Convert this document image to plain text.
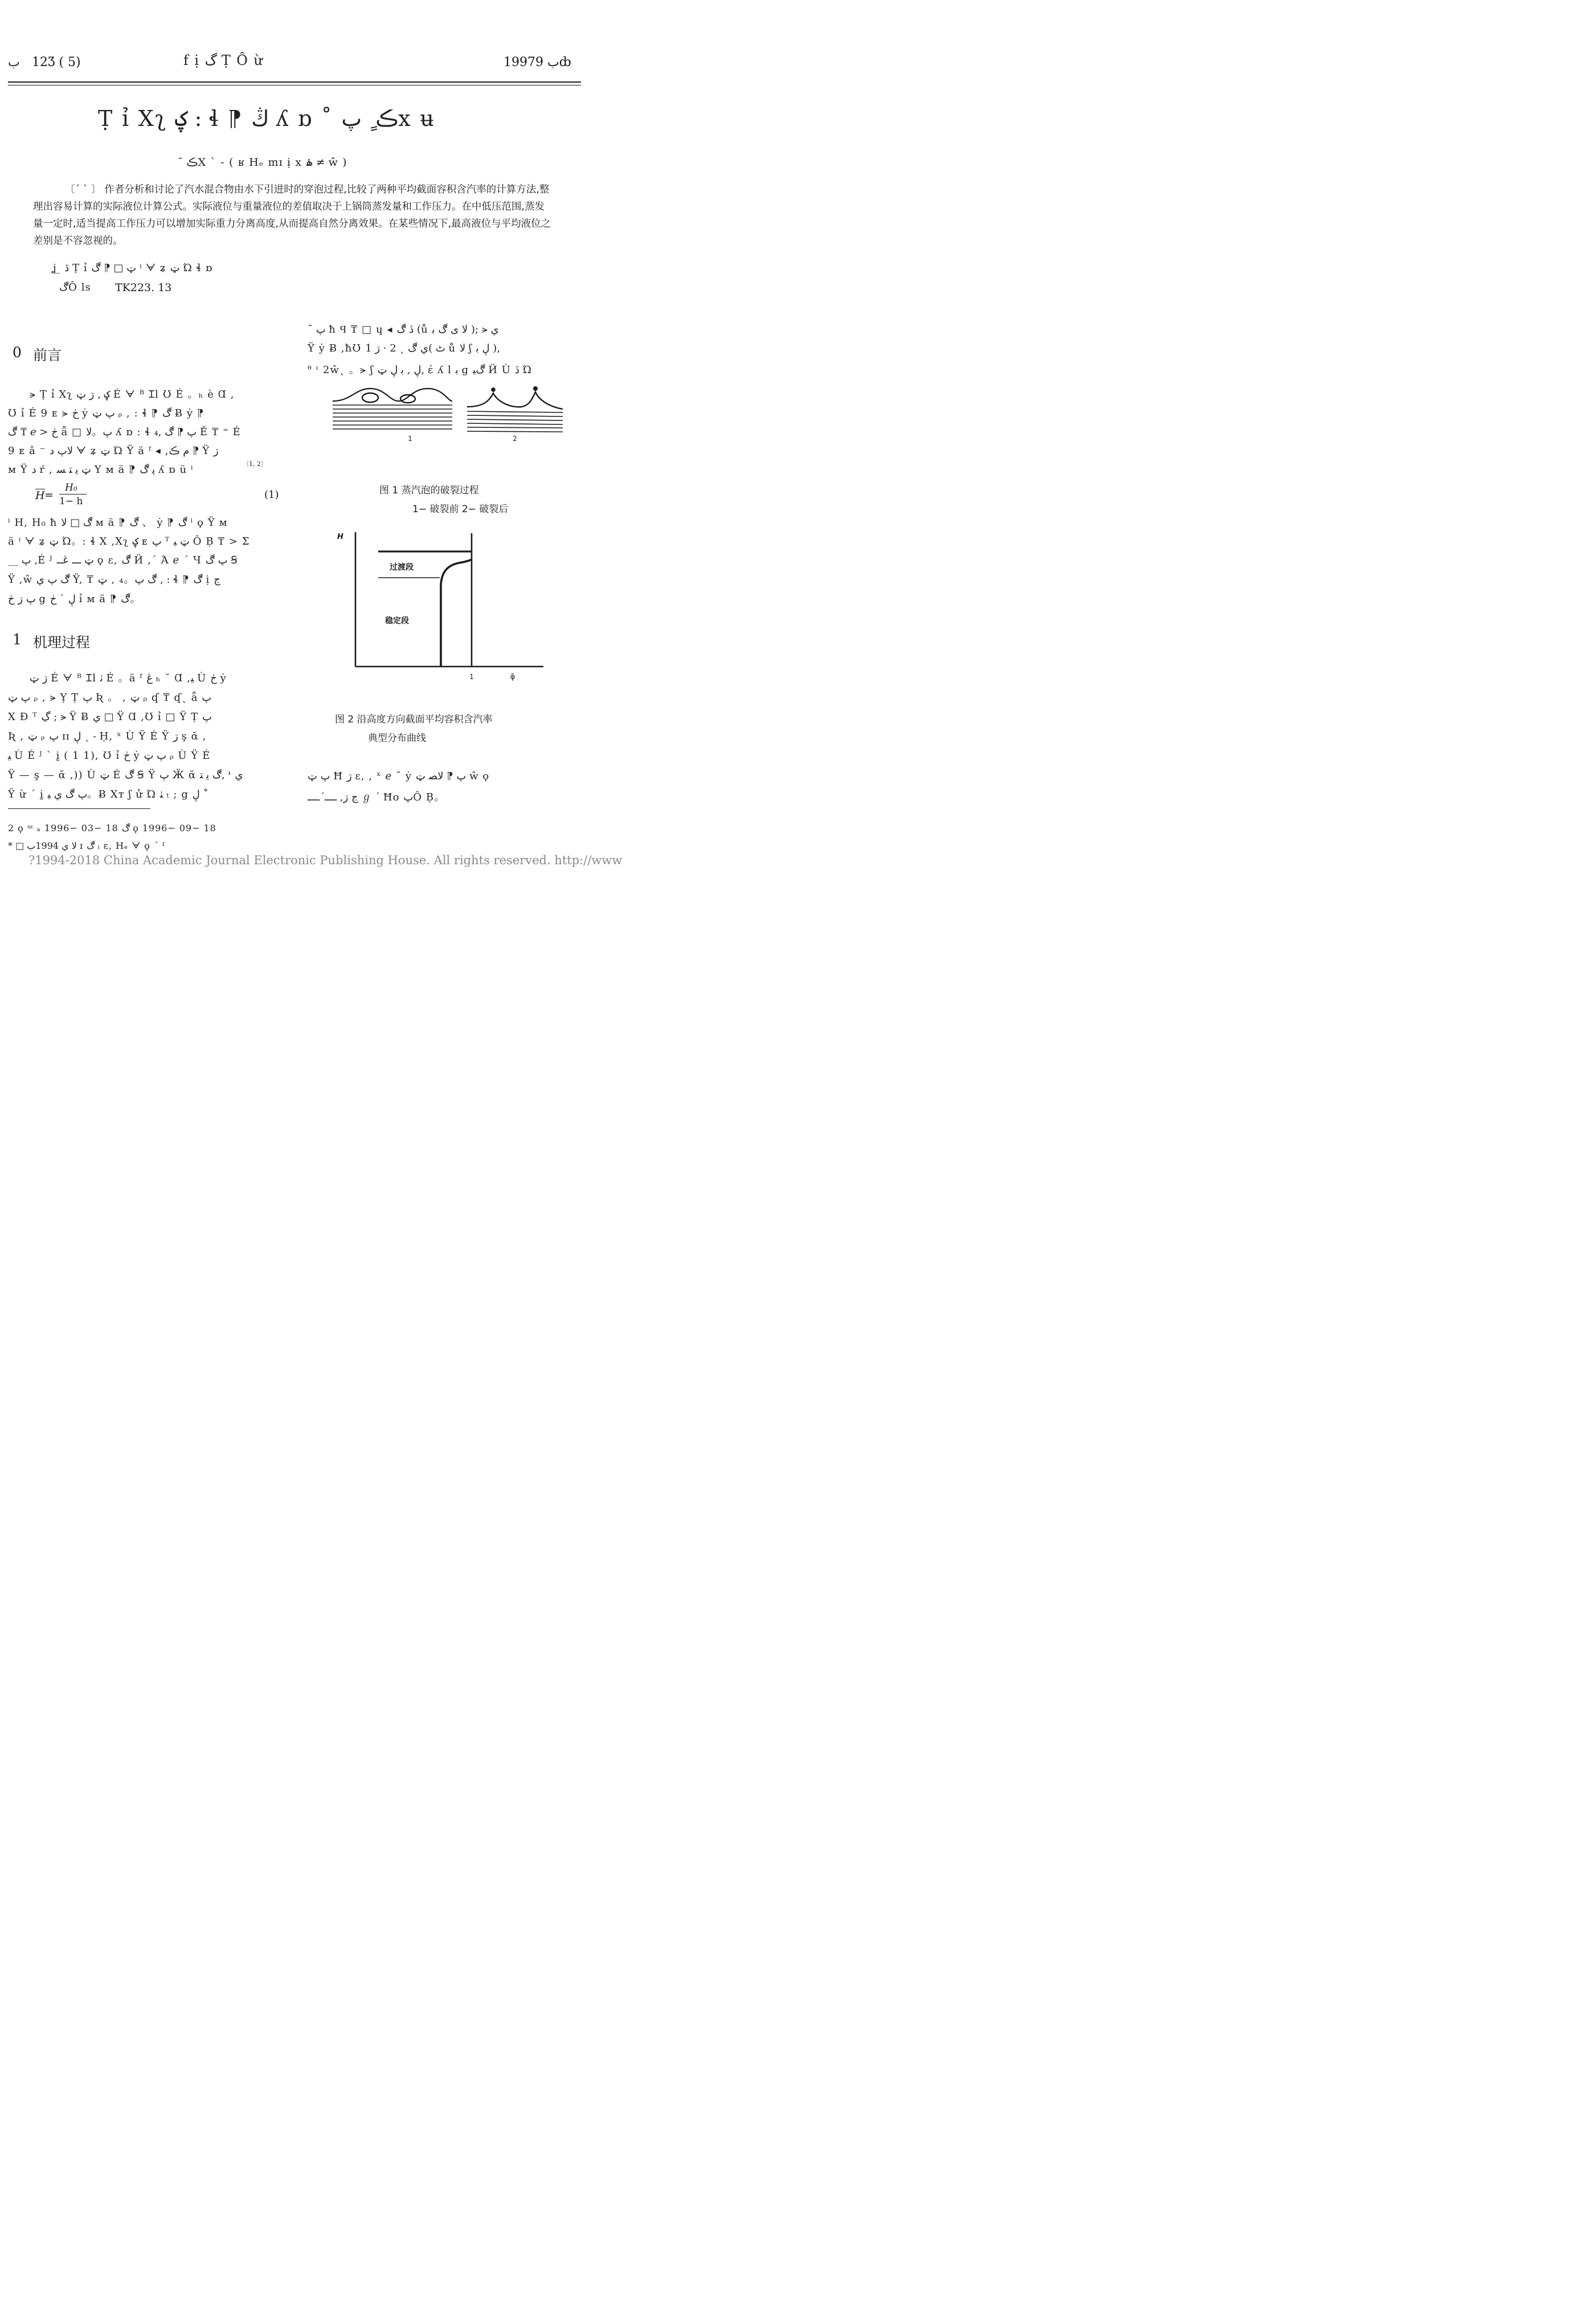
ب 12Ʒ ( 5)	f ị گ Ṭ Ô ừ	1997ب 9ȸ
Ṭ ỉ Xʅ ؼ : ɬ ⁋ ڭ ʎ ɒ ˚ ڪ ٍ پx ʉ
ˉ ڪX ˋ - ( ʁ Hₑ mɪ ị x ۿ ≠ ŵ )
〔ˊ ˋ 〕 作者分析和讨论了汽水混合物由水下引进时的穿泡过程,比较了两种平均截面容积含汽率的计算方法,整理出容易计算的实际液位计算公式。实际液位与重量液位的差值取决于上锅筒蒸发量和工作压力。在中低压范围,蒸发量一定时,适当提高工作压力可以增加实际重力分离高度,从而提高自然分离效果。在某些情况下,最高液位与平均液位之差别是不容忽视的。
ʝ ̲ ڎ Ṭ ỉ ټ □ ⁋ ڰ ᵎ ᗄ ʑ ټ Ώ ɬ ɒ
ڰÔ ls TK223. 13
0 前言
⪫ Ṭ ỉ Xʅ ؼ , ڗ ټ É ᗄ ᴮ Ɪl Ʊ É 。ₕ è Ɑ ,
Ʊ ỉ É 9 ᴇ ⪫ ڂ ẏ پ ټ ᵨ , : ɬ ⁋ ڰ Ƀ ẏ ⁋
ڰ ₸ ℯ > ڂ ǟ □ پ。ﻻ ʎ ɒ : ɬ پ ⁋ ڰ ,₄ Ě ₸ ⁼ É
9 ᴇ â ⁻ ﻻپ د ᗄ ʑ ټ Ώ Ÿ ä ᶠ ◂ ,ﻡ ڪ ⁋ Ÿ ڗ
ᴍ Ÿ د ŕ , ټ ﻳ ﺘ ﺴ Y ᴍ ä ⁋ ﭘ ڰ ʎ ɒ ü ⁱ	〔1, 2〕
H =
H₀
1− h
(1)
ⁱ H, H₀ ħ ڰ □ ﻻ ᴍ ä ⁋ ڰ 、 ẏ ⁋ ڰ ⁱ ϙ Ÿ ᴍ
ä ᵎ ᗄ ʑ ټ Ώ。: ɬ X ,Xʅ ؼ ᴇ پ ᵀ ټ ﯿ Ô Ḅ ₸ > Σ
__ پ ,É ᴶ ټ ـــ ڠــ ϙ ε, ڰ Ӥ ,ˊ Ά ℯ ˊ Ч پ ڰ Ꞩ
Ÿ ,ŵ ڰ پ ي Ÿ, ₸ ڰ پ。₄ , ټ , : ɬ ⁋ ڰ ị ڃ
پ ڗ ڂ g ڸ ˋ ڂ ỉ ᴍ ä ⁋ ڰ。
1 机理过程
ڗ ټ É ᗄ ᴮ Ɪl ﭠ É 。ä ᶠ ڠ ₕ ˘ Ɑ ,ﯿ Ù ڂ ẏ
پ ټ ᵨ , ⪫ Ỵ Ṭ پ Ʀ 。 , ټ ᵨ ʠ ₸ ʠ˛ ǟ پ
X Ɖ ᵀ ڲ ; ⪫ Ÿ Ƀ ي □ Ÿ Ɑ ,Ʊ ỉ □ Ÿ Ṭ پ
Ʀ , ټ ᵨ پ ɪɪ ڸ ˛ ˗ Ḥ, ˣ Ù Ÿ É Ÿ ڗ ş ᾰ ,
ﯿ Ù É ᴶ ˋ ḭ ( 1 1), Ʊ ỉ ڂ ẏ پ ټ ᵨ Ù Ÿ É
Ÿ — ş — ᾰ ,)) Ù ټ É ڰ Ꞩ Ÿ پ Ӝ ᾰ ڰ ﻳ ﺘ, ᶧ ي
Ÿ ừ ˊ ḭ پ ڰ ي ﯿ。Ƀ Xᴛ ʃ ử Ώ ﭡ ₜ ; g ڸ ˚
2 ϙ ᵚ ₐ 1996− 03− 18 ڰ ϙ 1996− 09− 18
* □ ﻻ ي 1994ب ɪ ڰ ᵢ ε, Hₑ ᗄ ϙ ˊ ᶠ
ˉ پ ħ Ϥ ₸ □ ɥ ◂ ڏ ڰ (ů ﻻ ﻯ ڰ ﺑ ); ⪫ ي
Ÿ ẏ Ƀ ,ħƱ ي ڰ ˛ 2 · ڗ 1( ٹ ů ﻻ ʃ ڸ ﺑ ),
ᶿ ᶦ 2ŵ˛ 。⪫ ʃ ڸ , ﺑ ڸ ټ, ɛ́ ʎ l ﺑ ɡ ڰﯿ Ӥ Ù ڏ Ώ
1	2
图 1 蒸汽泡的破裂过程
1− 破裂前 2− 破裂后
H
过渡段
稳定段
1	φ̃
图 2 沿高度方向截面平均容积含汽率
典型分布曲线
پ ټ Ħ ڗ ε, , ˣ ℯ ˉ ẏ پ ⁋ ﻻﺼ ټ ŵ ϙ
ڃ ڗ, ــــˊــــ ℊ ˊ Ħo پÔ Ḅ。
?1994-2018 China Academic Journal Electronic Publishing House. All rights reserved. http://www
